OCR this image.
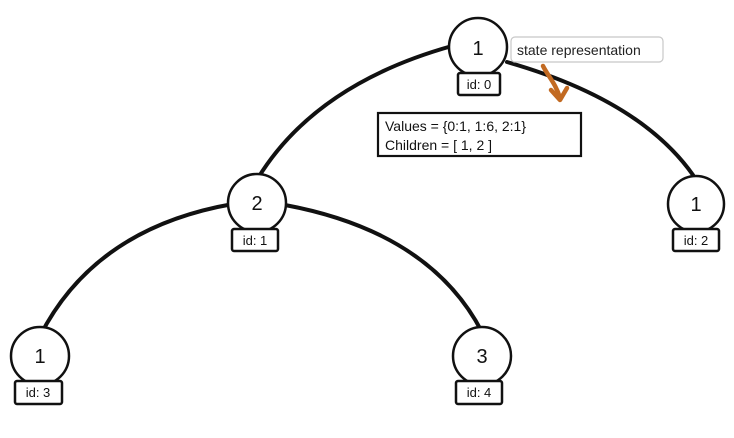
1
id: 0
2
id: 1
1
id: 2
1
id: 3
3
id: 4
Values = {0:1, 1:6, 2:1}
Children = [ 1, 2 ]
state representation
